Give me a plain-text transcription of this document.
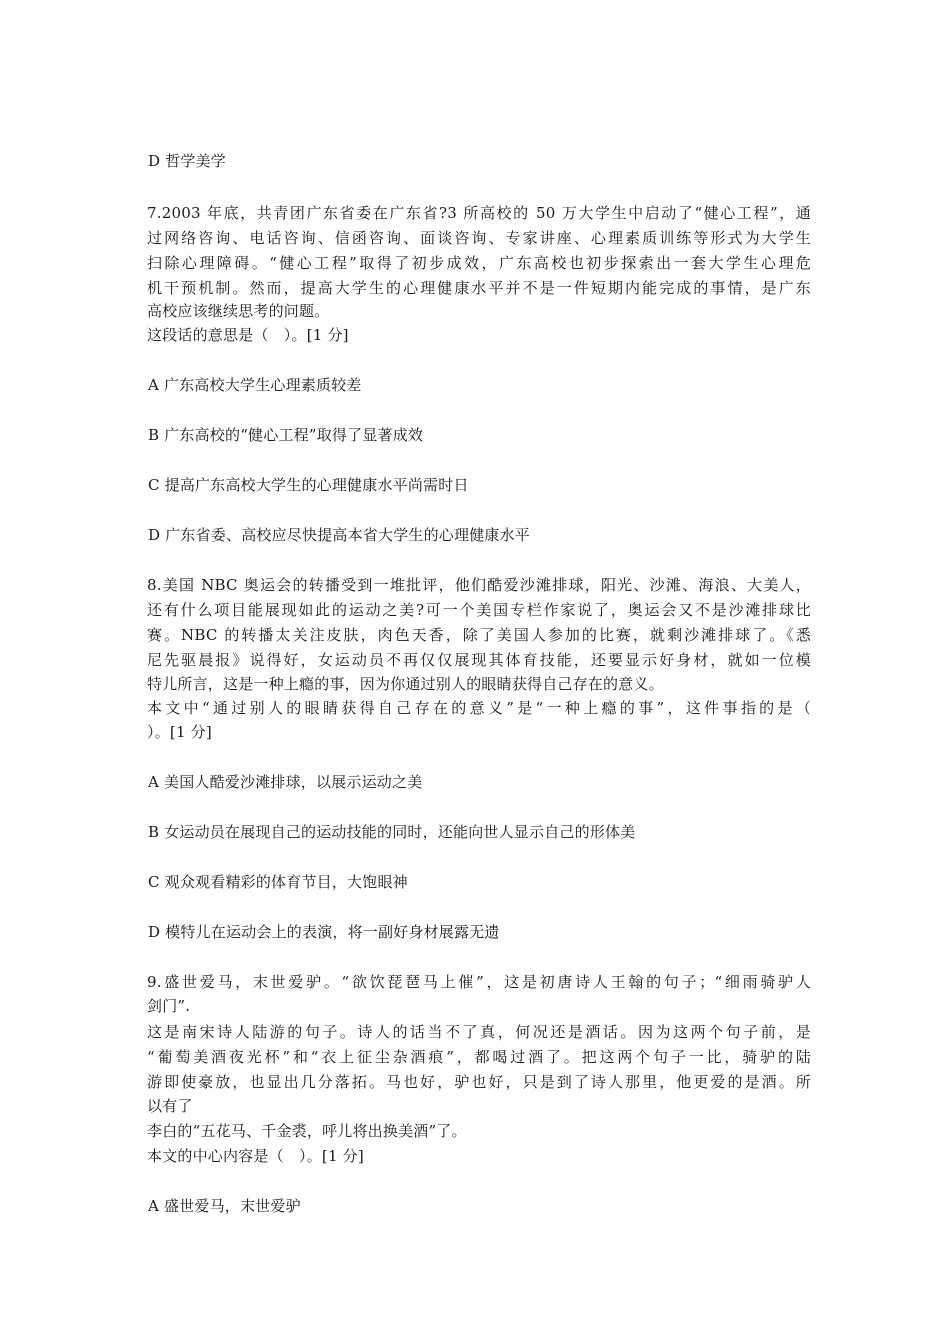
D 哲学美学
7.2003 年底，共青团广东省委在广东省?3 所高校的 50 万大学生中启动了“健心工程”，通
过网络咨询、电话咨询、信函咨询、面谈咨询、专家讲座、心理素质训练等形式为大学生
扫除心理障碍。“健心工程”取得了初步成效，广东高校也初步探索出一套大学生心理危
机干预机制。然而，提高大学生的心理健康水平并不是一件短期内能完成的事情，是广东
高校应该继续思考的问题。
这段话的意思是（　）。[1 分]
A 广东高校大学生心理素质较差
B 广东高校的“健心工程”取得了显著成效
C 提高广东高校大学生的心理健康水平尚需时日
D 广东省委、高校应尽快提高本省大学生的心理健康水平
8.美国 NBC 奥运会的转播受到一堆批评，他们酷爱沙滩排球，阳光、沙滩、海浪、大美人，
还有什么项目能展现如此的运动之美?可一个美国专栏作家说了，奥运会又不是沙滩排球比
赛。NBC 的转播太关注皮肤，肉色天香，除了美国人参加的比赛，就剩沙滩排球了。《悉
尼先驱晨报》说得好，女运动员不再仅仅展现其体育技能，还要显示好身材，就如一位模
特儿所言，这是一种上瘾的事，因为你通过别人的眼睛获得自己存在的意义。
本文中“通过别人的眼睛获得自己存在的意义”是“一种上瘾的事”，这件事指的是（
）。[1 分]
A 美国人酷爱沙滩排球，以展示运动之美
B 女运动员在展现自己的运动技能的同时，还能向世人显示自己的形体美
C 观众观看精彩的体育节目，大饱眼神
D 模特儿在运动会上的表演，将一副好身材展露无遗
9.盛世爱马，末世爱驴。“欲饮琵琶马上催”，这是初唐诗人王翰的句子；“细雨骑驴人
剑门”.
这是南宋诗人陆游的句子。诗人的话当不了真，何况还是酒话。因为这两个句子前，是
“葡萄美酒夜光杯”和“衣上征尘杂酒痕”，都喝过酒了。把这两个句子一比，骑驴的陆
游即使豪放，也显出几分落拓。马也好，驴也好，只是到了诗人那里，他更爱的是酒。所
以有了
李白的“五花马、千金裘，呼儿将出换美酒”了。
本文的中心内容是（　）。[1 分]
A 盛世爱马，末世爱驴
